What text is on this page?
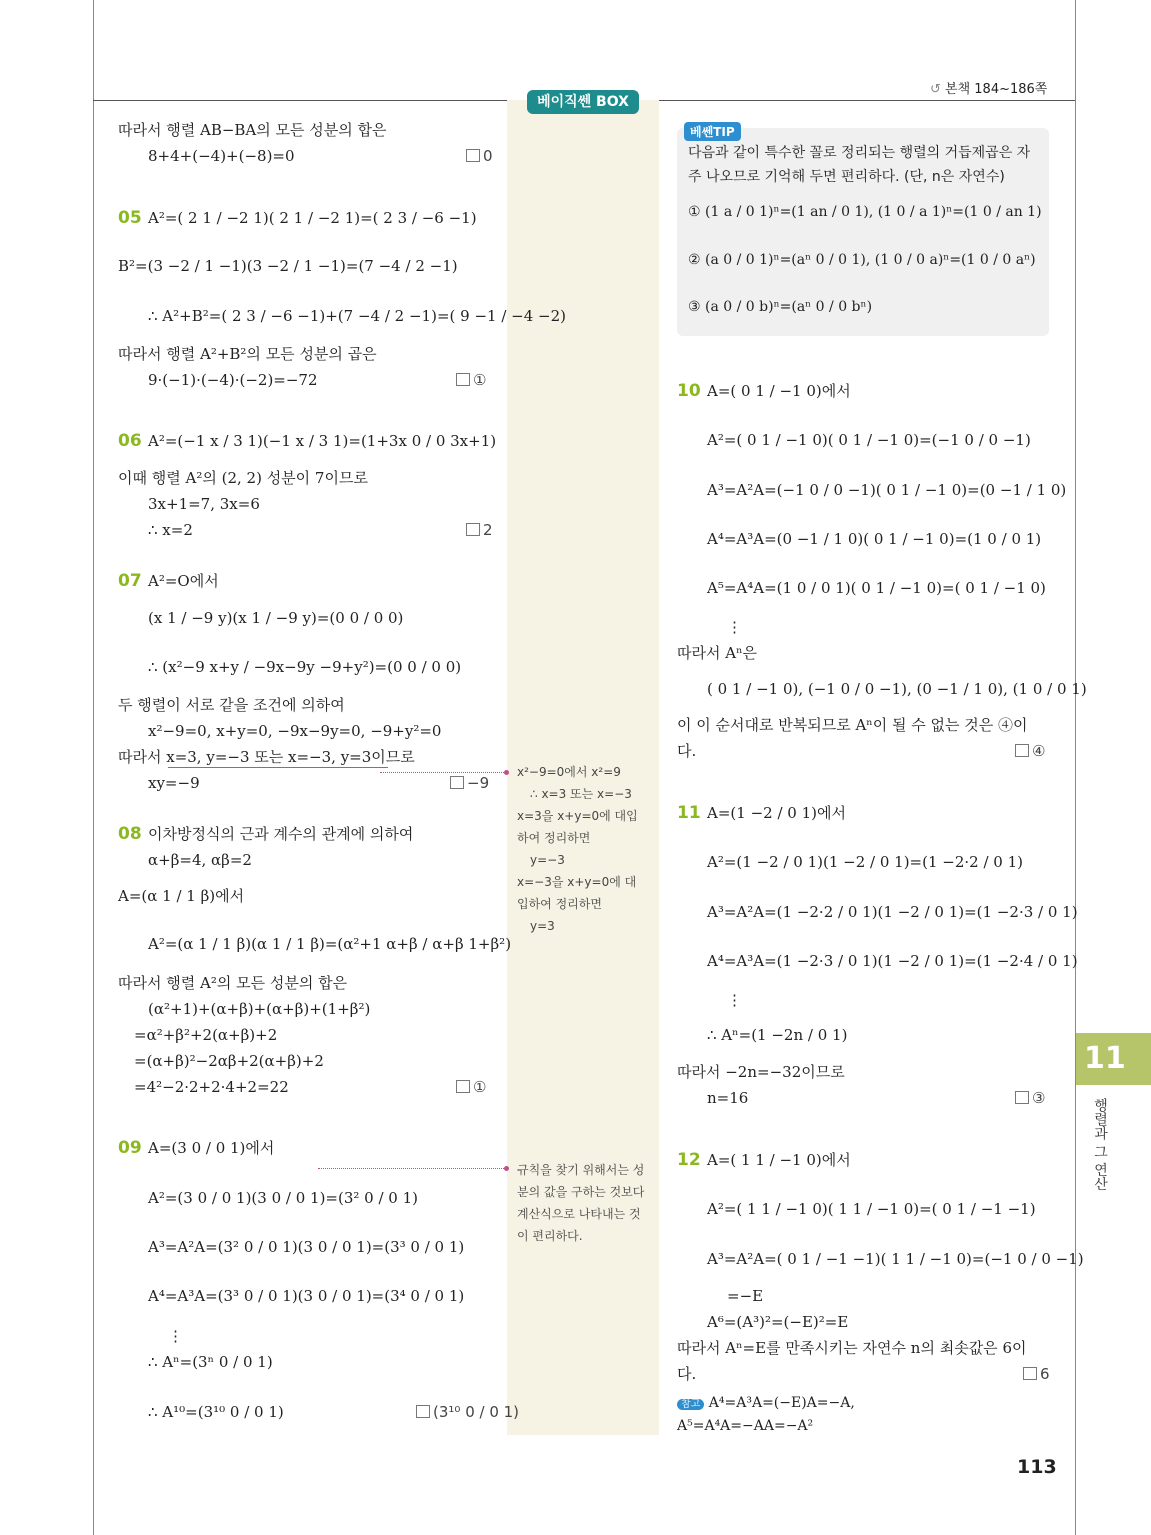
↺ 본책 184~186쪽
베이직쎈 BOX
따라서 행렬 AB−BA의 모든 성분의 합은
8+4+(−4)+(−8)=0	0
05 A²=( 2 1 / −2 1)( 2 1 / −2 1)=( 2 3 / −6 −1)
B²=(3 −2 / 1 −1)(3 −2 / 1 −1)=(7 −4 / 2 −1)
∴ A²+B²=( 2 3 / −6 −1)+(7 −4 / 2 −1)=( 9 −1 / −4 −2)
따라서 행렬 A²+B²의 모든 성분의 곱은
9·(−1)·(−4)·(−2)=−72	①
06 A²=(−1 x / 3 1)(−1 x / 3 1)=(1+3x 0 / 0 3x+1)
이때 행렬 A²의 (2, 2) 성분이 7이므로
3x+1=7, 3x=6
∴ x=2	2
07 A²=O에서
(x 1 / −9 y)(x 1 / −9 y)=(0 0 / 0 0)
∴ (x²−9 x+y / −9x−9y −9+y²)=(0 0 / 0 0)
두 행렬이 서로 같을 조건에 의하여
x²−9=0, x+y=0, −9x−9y=0, −9+y²=0
따라서 x=3, y=−3 또는 x=−3, y=3이므로
xy=−9	−9
08 이차방정식의 근과 계수의 관계에 의하여
α+β=4, αβ=2
A=(α 1 / 1 β)에서
A²=(α 1 / 1 β)(α 1 / 1 β)=(α²+1 α+β / α+β 1+β²)
따라서 행렬 A²의 모든 성분의 합은
(α²+1)+(α+β)+(α+β)+(1+β²)
=α²+β²+2(α+β)+2
=(α+β)²−2αβ+2(α+β)+2
=4²−2·2+2·4+2=22	①
09 A=(3 0 / 0 1)에서
A²=(3 0 / 0 1)(3 0 / 0 1)=(3² 0 / 0 1)
A³=A²A=(3² 0 / 0 1)(3 0 / 0 1)=(3³ 0 / 0 1)
A⁴=A³A=(3³ 0 / 0 1)(3 0 / 0 1)=(3⁴ 0 / 0 1)
⋮
∴ Aⁿ=(3ⁿ 0 / 0 1)
∴ A¹⁰=(3¹⁰ 0 / 0 1)	(3¹⁰ 0 / 0 1)
x²−9=0에서 x²=9
∴ x=3 또는 x=−3
x=3을 x+y=0에 대입
하여 정리하면
y=−3
x=−3을 x+y=0에 대
입하여 정리하면
y=3
규칙을 찾기 위해서는 성
분의 값을 구하는 것보다
계산식으로 나타내는 것
이 편리하다.
베쎈TIP
다음과 같이 특수한 꼴로 정리되는 행렬의 거듭제곱은 자
주 나오므로 기억해 두면 편리하다. (단, n은 자연수)
① (1 a / 0 1)ⁿ=(1 an / 0 1), (1 0 / a 1)ⁿ=(1 0 / an 1)
② (a 0 / 0 1)ⁿ=(aⁿ 0 / 0 1), (1 0 / 0 a)ⁿ=(1 0 / 0 aⁿ)
③ (a 0 / 0 b)ⁿ=(aⁿ 0 / 0 bⁿ)
10 A=( 0 1 / −1 0)에서
A²=( 0 1 / −1 0)( 0 1 / −1 0)=(−1 0 / 0 −1)
A³=A²A=(−1 0 / 0 −1)( 0 1 / −1 0)=(0 −1 / 1 0)
A⁴=A³A=(0 −1 / 1 0)( 0 1 / −1 0)=(1 0 / 0 1)
A⁵=A⁴A=(1 0 / 0 1)( 0 1 / −1 0)=( 0 1 / −1 0)
⋮
따라서 Aⁿ은
( 0 1 / −1 0), (−1 0 / 0 −1), (0 −1 / 1 0), (1 0 / 0 1)
이 이 순서대로 반복되므로 Aⁿ이 될 수 없는 것은 ④이
다.	④
11 A=(1 −2 / 0 1)에서
A²=(1 −2 / 0 1)(1 −2 / 0 1)=(1 −2·2 / 0 1)
A³=A²A=(1 −2·2 / 0 1)(1 −2 / 0 1)=(1 −2·3 / 0 1)
A⁴=A³A=(1 −2·3 / 0 1)(1 −2 / 0 1)=(1 −2·4 / 0 1)
⋮
∴ Aⁿ=(1 −2n / 0 1)
따라서 −2n=−32이므로
n=16	③
12 A=( 1 1 / −1 0)에서
A²=( 1 1 / −1 0)( 1 1 / −1 0)=( 0 1 / −1 −1)
A³=A²A=( 0 1 / −1 −1)( 1 1 / −1 0)=(−1 0 / 0 −1)
=−E
A⁶=(A³)²=(−E)²=E
따라서 Aⁿ=E를 만족시키는 자연수 n의 최솟값은 6이
다.	6
참고 A⁴=A³A=(−E)A=−A,
A⁵=A⁴A=−AA=−A²
11
행렬과 그 연산
113
